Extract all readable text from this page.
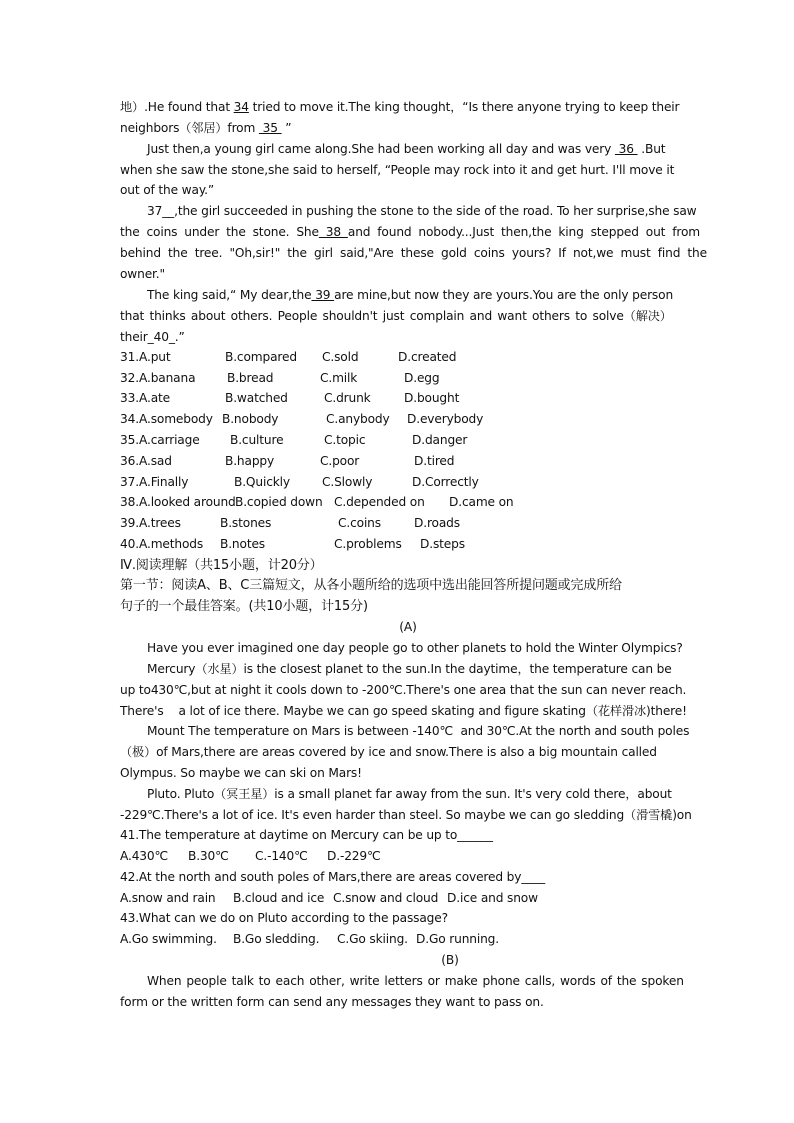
地）.He found that 34 tried to move it.The king thought，“Is there anyone trying to keep their
neighbors（邻居）from  35  ”
Just then,a young girl came along.She had been working all day and was very  36  .But
when she saw the stone,she said to herself, “People may rock into it and get hurt. I'll move it
out of the way.”
37__,the girl succeeded in pushing the stone to the side of the road. To her surprise,she saw
the coins under the stone. She 38 and found nobody...Just then,the king stepped out from
behind the tree. "Oh,sir!" the girl said,"Are these gold coins yours? If not,we must find the
owner."
The king said,“ My dear,the 39 are mine,but now they are yours.You are the only person
that thinks about others. People shouldn't just complain and want others to solve（解决）
their_40_.”
31. A.put	B.compared C.sold	D.created
32. A.banana	B.bread	C.milk	D.egg
33. A.ate	B.watched	C.drunk	D.bought
34. A.somebody B.nobody	C.anybody D.everybody
35. A.carriage B.culture	C.topic	D.danger
36. A.sad	B.happy	C.poor	D.tired
37. A.Finally	B.Quickly	C.Slowly	D.Correctly
38. A.looked around B.copied down C.depended on D.came on
39. A.trees	B.stones	C.coins	D.roads
40. A.methods B.notes	C.problems D.steps
Ⅳ.阅读理解（共15小题，计20分）
第一节：阅读A、B、C三篇短文，从各小题所给的选项中选出能回答所提问题或完成所给
句子的一个最佳答案。(共10小题，计15分)
(A)
Have you ever imagined one day people go to other planets to hold the Winter Olympics?
Mercury（水星）is the closest planet to the sun.In the daytime，the temperature can be
up to430℃,but at night it cools down to -200℃.There's one area that the sun can never reach.
There's    a lot of ice there. Maybe we can go speed skating and figure skating（花样滑冰)there!
Mount The temperature on Mars is between -140℃  and 30℃.At the north and south poles
（极）of Mars,there are areas covered by ice and snow.There is also a big mountain called
Olympus. So maybe we can ski on Mars!
Pluto. Pluto（冥王星）is a small planet far away from the sun. It's very cold there，about
-229℃.There's a lot of ice. It's even harder than steel. So maybe we can go sledding（滑雪橇)on
41.The temperature at daytime on Mercury can be up to______
A.430℃ B.30℃ C.-140℃ D.-229℃
42.At the north and south poles of Mars,there are areas covered by____
A.snow and rain B.cloud and ice C.snow and cloud D.ice and snow
43.What can we do on Pluto according to the passage?
A.Go swimming. B.Go sledding. C.Go skiing. D.Go running.
(B)
When people talk to each other, write letters or make phone calls, words of the spoken
form or the written form can send any messages they want to pass on.
